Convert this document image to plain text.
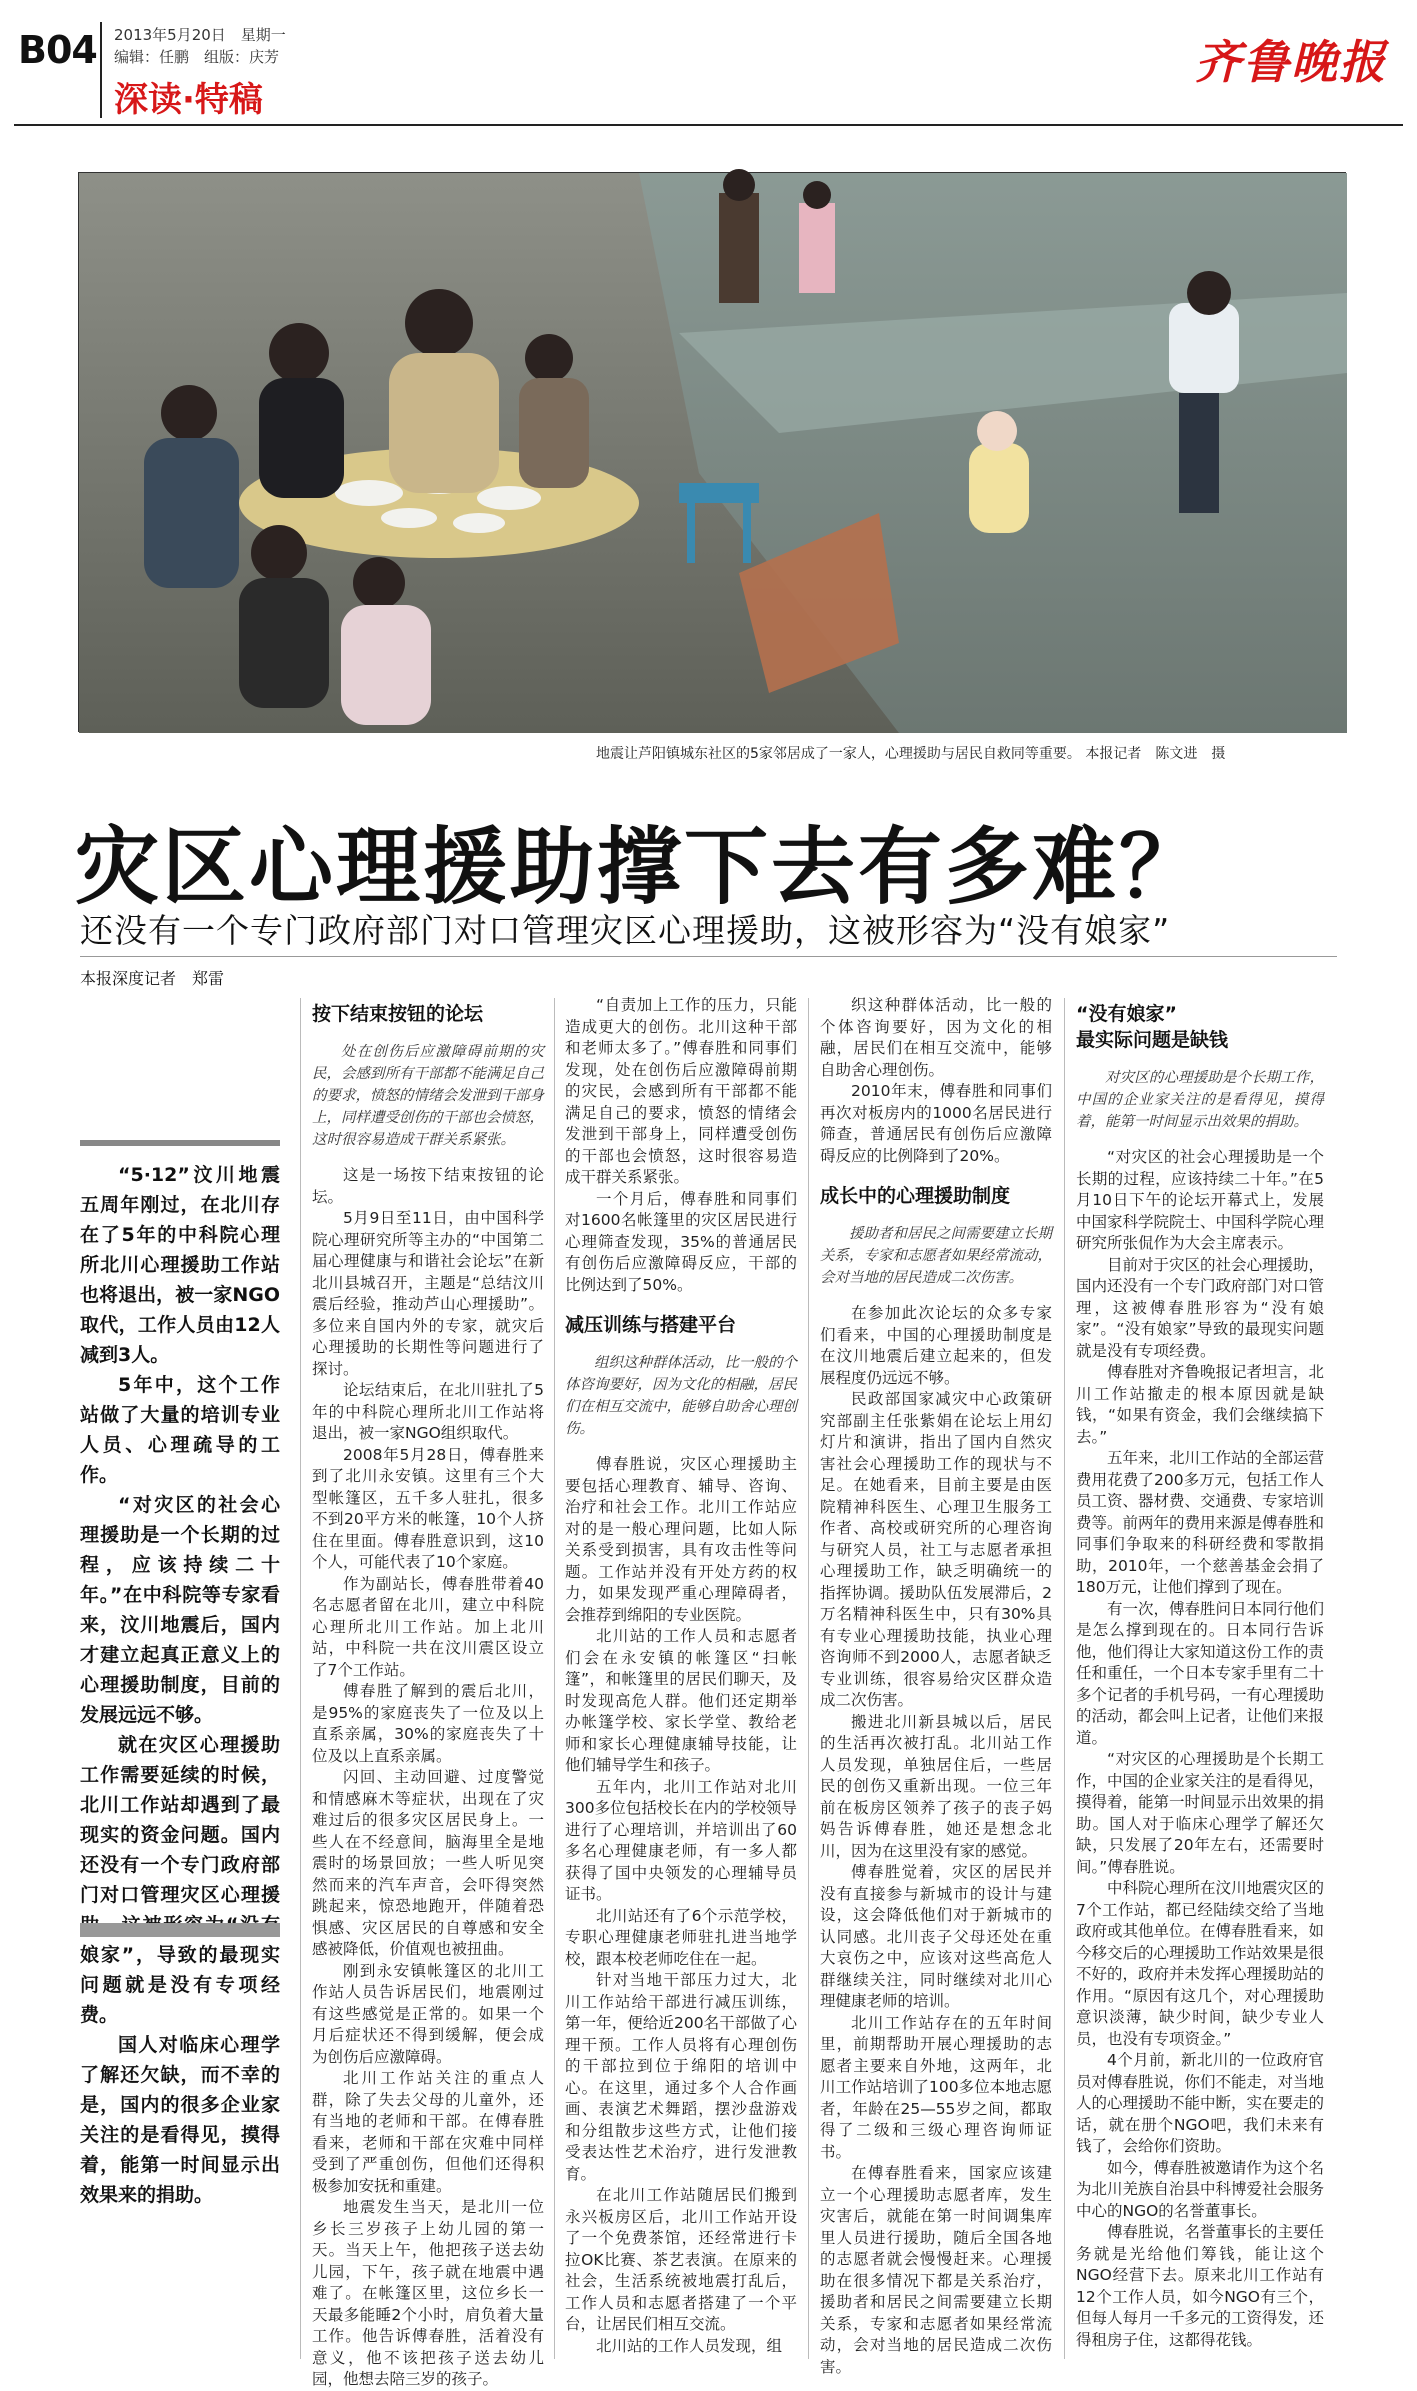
B04 2013年5月20日　星期一
编辑：任鹏　组版：庆芳
深读·特稿
齐鲁晚报
地震让芦阳镇城东社区的5家邻居成了一家人，心理援助与居民自救同等重要。 本报记者　陈文进　摄
灾区心理援助撑下去有多难？
还没有一个专门政府部门对口管理灾区心理援助，这被形容为“没有娘家”
本报深度记者　郑雷

“5·12”汶川地震五周年刚过，在北川存在了5年的中科院心理所北川心理援助工作站也将退出，被一家NGO取代，工作人员由12人减到3人。

5年中，这个工作站做了大量的培训专业人员、心理疏导的工作。

“对灾区的社会心理援助是一个长期的过程，应该持续二十年。”在中科院等专家看来，汶川地震后，国内才建立起真正意义上的心理援助制度，目前的发展远远不够。

就在灾区心理援助工作需要延续的时候，北川工作站却遇到了最现实的资金问题。国内还没有一个专门政府部门对口管理灾区心理援 娘家”，导致的最现实问题就是没有专项经费。

国人对临床心理学了解还欠缺，而不幸的是，国内的很多企业家关注的是看得见，摸得着，能第一时间显示出效果来的捐助。

按下结束按钮的论坛

处在创伤后应激障碍前期的灾民，会感到所有干部都不能满足自己的要求，愤怒的情绪会发泄到干部身上，同样遭受创伤的干部也会愤怒，这时很容易造成干群关系紧张。

这是一场按下结束按钮的论坛。

5月9日至11日，由中国科学院心理研究所等主办的“中国第二届心理健康与和谐社会论坛”在新北川县城召开，主题是“总结汶川震后经验，推动芦山心理援助”。多位来自国内外的专家，就灾后心理援助的长期性等问题进行了探讨。

论坛结束后，在北川驻扎了5年的中科院心理所北川工作站将退出，被一家NGO组织取代。

2008年5月28日，傅春胜来到了北川永安镇。这里有三个大型帐篷区，五千多人驻扎，很多不到20平方米的帐篷，10个人挤住在里面。傅春胜意识到，这10个人，可能代表了10个家庭。

作为副站长，傅春胜带着40名志愿者留在北川，建立中科院心理所北川工作站。加上北川站，中科院一共在汶川震区设立了7个工作站。

傅春胜了解到的震后北川，是95%的家庭丧失了一位及以上直系亲属，30%的家庭丧失了十位及以上直系亲属。

闪回、主动回避、过度警觉和情感麻木等症状，出现在了灾难过后的很多灾区居民身上。一些人在不经意间，脑海里全是地震时的场景回放；一些人听见突然而来的汽车声音，会吓得突然跳起来，惊恐地跑开，伴随着恐惧感、灾区居民的自尊感和安全感被降低，价值观也被扭曲。

刚到永安镇帐篷区的北川工作站人员告诉居民们，地震刚过有这些感觉是正常的。如果一个月后症状还不得到缓解，便会成为创伤后应激障碍。

北川工作站关注的重点人群，除了失去父母的儿童外，还有当地的老师和干部。在傅春胜看来，老师和干部在灾难中同样受到了严重创伤，但他们还得积极参加安抚和重建。

地震发生当天，是北川一位乡长三岁孩子上幼儿园的第一天。当天上午，他把孩子送去幼儿园，下午，孩子就在地震中遇难了。在帐篷区里，这位乡长一天最多能睡2个小时，肩负着大量工作。他告诉傅春胜，活着没有意义，他不该把孩子送去幼儿园，他想去陪三岁的孩子。

“自责加上工作的压力，只能造成更大的创伤。北川这种干部和老师太多了。”傅春胜和同事们发现，处在创伤后应激障碍前期的灾民，会感到所有干部都不能满足自己的要求，愤怒的情绪会发泄到干部身上，同样遭受创伤的干部也会愤怒，这时很容易造成干群关系紧张。

一个月后，傅春胜和同事们对1600名帐篷里的灾区居民进行心理筛查发现，35%的普通居民有创伤后应激障碍反应，干部的比例达到了50%。

减压训练与搭建平台

组织这种群体活动，比一般的个体咨询要好，因为文化的相融，居民们在相互交流中，能够自助舍心理创伤。

傅春胜说，灾区心理援助主要包括心理教育、辅导、咨询、治疗和社会工作。北川工作站应对的是一般心理问题，比如人际关系受到损害，具有攻击性等问题。工作站并没有开处方药的权力，如果发现严重心理障碍者，会推荐到绵阳的专业医院。

北川站的工作人员和志愿者们会在永安镇的帐篷区“扫帐篷”，和帐篷里的居民们聊天，及时发现高危人群。他们还定期举办帐篷学校、家长学堂、教给老师和家长心理健康辅导技能，让他们辅导学生和孩子。

五年内，北川工作站对北川300多位包括校长在内的学校领导进行了心理培训，并培训出了60多名心理健康老师，有一多人都获得了国中央领发的心理辅导员证书。

北川站还有了6个示范学校，专职心理健康老师驻扎进当地学校，跟本校老师吃住在一起。

针对当地干部压力过大，北川工作站给干部进行减压训练，第一年，便给近200名干部做了心理干预。工作人员将有心理创伤的干部拉到位于绵阳的培训中心。在这里，通过多个人合作画画、表演艺术舞蹈，摆沙盘游戏和分组散步这些方式，让他们接受表达性艺术治疗，进行发泄教育。

在北川工作站随居民们搬到永兴板房区后，北川工作站开设了一个免费茶馆，还经常进行卡拉OK比赛、茶艺表演。在原来的社会，生活系统被地震打乱后，工作人员和志愿者搭建了一个平台，让居民们相互交流。

北川站的工作人员发现，组

织这种群体活动，比一般的个体咨询要好，因为文化的相融，居民们在相互交流中，能够自助舍心理创伤。

2010年末，傅春胜和同事们再次对板房内的1000名居民进行筛查，普通居民有创伤后应激障碍反应的比例降到了20%。

成长中的心理援助制度

援助者和居民之间需要建立长期关系，专家和志愿者如果经常流动，会对当地的居民造成二次伤害。

在参加此次论坛的众多专家们看来，中国的心理援助制度是在汶川地震后建立起来的，但发展程度仍远远不够。

民政部国家减灾中心政策研究部副主任张紫娟在论坛上用幻灯片和演讲，指出了国内自然灾害社会心理援助工作的现状与不足。在她看来，目前主要是由医院精神科医生、心理卫生服务工作者、高校或研究所的心理咨询与研究人员，社工与志愿者承担心理援助工作，缺乏明确统一的指挥协调。援助队伍发展滞后，2万名精神科医生中，只有30%具有专业心理援助技能，执业心理咨询师不到2000人，志愿者缺乏专业训练，很容易给灾区群众造成二次伤害。

搬进北川新县城以后，居民的生活再次被打乱。北川站工作人员发现，单独居住后，一些居民的创伤又重新出现。一位三年前在板房区领养了孩子的丧子妈妈告诉傅春胜，她还是想念北川，因为在这里没有家的感觉。

傅春胜觉着，灾区的居民并没有直接参与新城市的设计与建设，这会降低他们对于新城市的认同感。北川丧子父母还处在重大哀伤之中，应该对这些高危人群继续关注，同时继续对北川心理健康老师的培训。

北川工作站存在的五年时间里，前期帮助开展心理援助的志愿者主要来自外地，这两年，北川工作站培训了100多位本地志愿者，年龄在25—55岁之间，都取得了二级和三级心理咨询师证书。

在傅春胜看来，国家应该建立一个心理援助志愿者库，发生灾害后，就能在第一时间调集库里人员进行援助，随后全国各地的志愿者就会慢慢赶来。心理援助在很多情况下都是关系治疗，援助者和居民之间需要建立长期关系，专家和志愿者如果经常流动，会对当地的居民造成二次伤害。

“没有娘家”
最实际问题是缺钱

对灾区的心理援助是个长期工作，中国的企业家关注的是看得见，摸得着，能第一时间显示出效果的捐助。

“对灾区的社会心理援助是一个长期的过程，应该持续二十年。”在5月10日下午的论坛开幕式上，发展中国家科学院院士、中国科学院心理研究所张侃作为大会主席表示。

目前对于灾区的社会心理援助，国内还没有一个专门政府部门对口管理，这被傅春胜形容为“没有娘家”。“没有娘家”导致的最现实问题就是没有专项经费。

傅春胜对齐鲁晚报记者坦言，北川工作站撤走的根本原因就是缺钱，“如果有资金，我们会继续搞下去。”

五年来，北川工作站的全部运营费用花费了200多万元，包括工作人员工资、器材费、交通费、专家培训费等。前两年的费用来源是傅春胜和同事们争取来的科研经费和零散捐助，2010年，一个慈善基金会捐了180万元，让他们撑到了现在。

有一次，傅春胜问日本同行他们是怎么撑到现在的。日本同行告诉他，他们得让大家知道这份工作的责任和重任，一个日本专家手里有二十多个记者的手机号码，一有心理援助的活动，都会叫上记者，让他们来报道。

“对灾区的心理援助是个长期工作，中国的企业家关注的是看得见，摸得着，能第一时间显示出效果的捐助。国人对于临床心理学了解还欠缺，只发展了20年左右，还需要时间。”傅春胜说。

中科院心理所在汶川地震灾区的7个工作站，都已经陆续交给了当地政府或其他单位。在傅春胜看来，如今移交后的心理援助工作站效果是很不好的，政府并未发挥心理援助站的作用。“原因有这几个，对心理援助意识淡薄，缺少时间，缺少专业人员，也没有专项资金。”

4个月前，新北川的一位政府官员对傅春胜说，你们不能走，对当地人的心理援助不能中断，实在要走的话，就在册个NGO吧，我们未来有钱了，会给你们资助。

如今，傅春胜被邀请作为这个名为北川羌族自治县中科博爱社会服务中心的NGO的名誉董事长。

傅春胜说，名誉董事长的主要任务就是光给他们筹钱，能让这个NGO经营下去。原来北川工作站有12个工作人员，如今NGO有三个，但每人每月一千多元的工资得发，还得租房子住，这都得花钱。
